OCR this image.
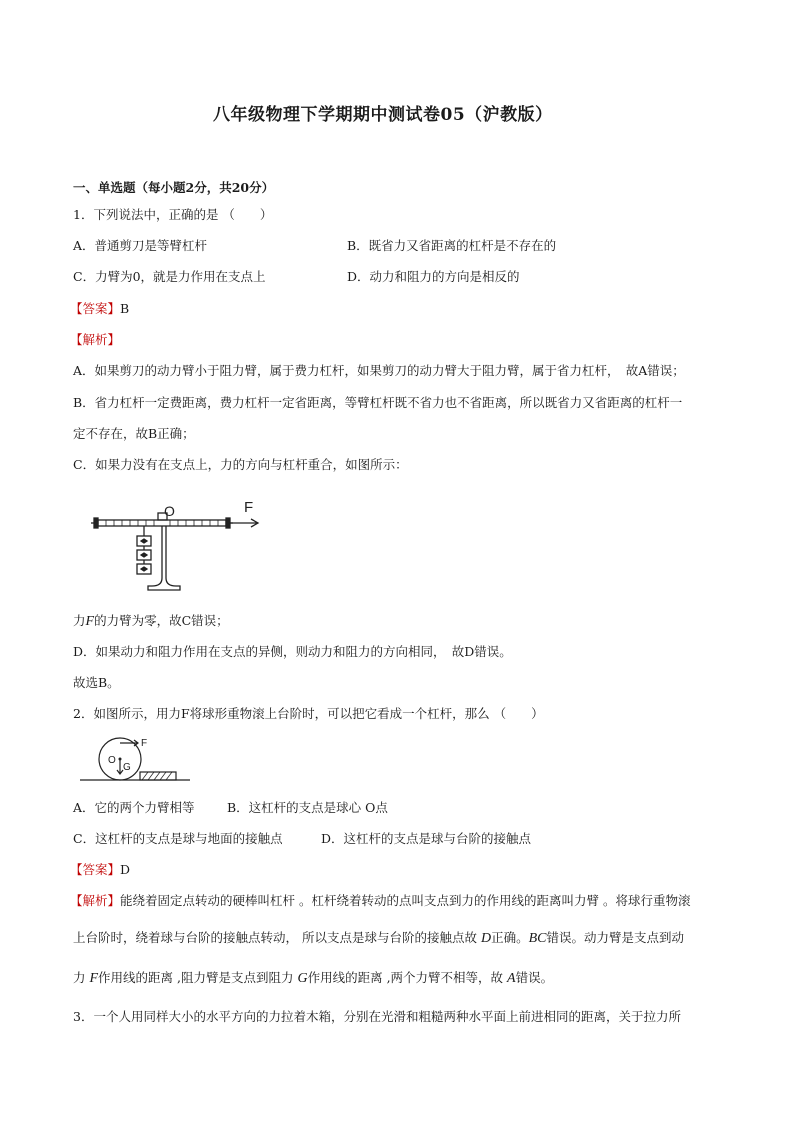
八年级物理下学期期中测试卷05（沪教版）
一、单选题（每小题2分，共20分）
1．下列说法中，正确的是 （　　）
A．普通剪刀是等臂杠杆	B．既省力又省距离的杠杆是不存在的
C．力臂为0，就是力作用在支点上	D．动力和阻力的方向是相反的
【答案】B
【解析】
A．如果剪刀的动力臂小于阻力臂，属于费力杠杆，如果剪刀的动力臂大于阻力臂，属于省力杠杆，　故A错误；
B．省力杠杆一定费距离，费力杠杆一定省距离，等臂杠杆既不省力也不省距离，所以既省力又省距离的杠杆一
定不存在，故B正确；
C．如果力没有在支点上，力的方向与杠杆重合，如图所示：
O	F
力F的力臂为零，故C错误；
D．如果动力和阻力作用在支点的异侧，则动力和阻力的方向相同，　故D错误。
故选B。
2．如图所示，用力F将球形重物滚上台阶时，可以把它看成一个杠杆，那么 （　　）
F
O
G
A．它的两个力臂相等	B．这杠杆的支点是球心 O点
C．这杠杆的支点是球与地面的接触点	D．这杠杆的支点是球与台阶的接触点
【答案】D
【解析】能绕着固定点转动的硬棒叫杠杆 。杠杆绕着转动的点叫支点到力的作用线的距离叫力臂 。将球行重物滚
上台阶时，绕着球与台阶的接触点转动， 所以支点是球与台阶的接触点故 D正确。BC错误。动力臂是支点到动
力 F作用线的距离 ,阻力臂是支点到阻力 G作用线的距离 ,两个力臂不相等，故 A错误。
3．一个人用同样大小的水平方向的力拉着木箱，分别在光滑和粗糙两种水平面上前进相同的距离，关于拉力所
